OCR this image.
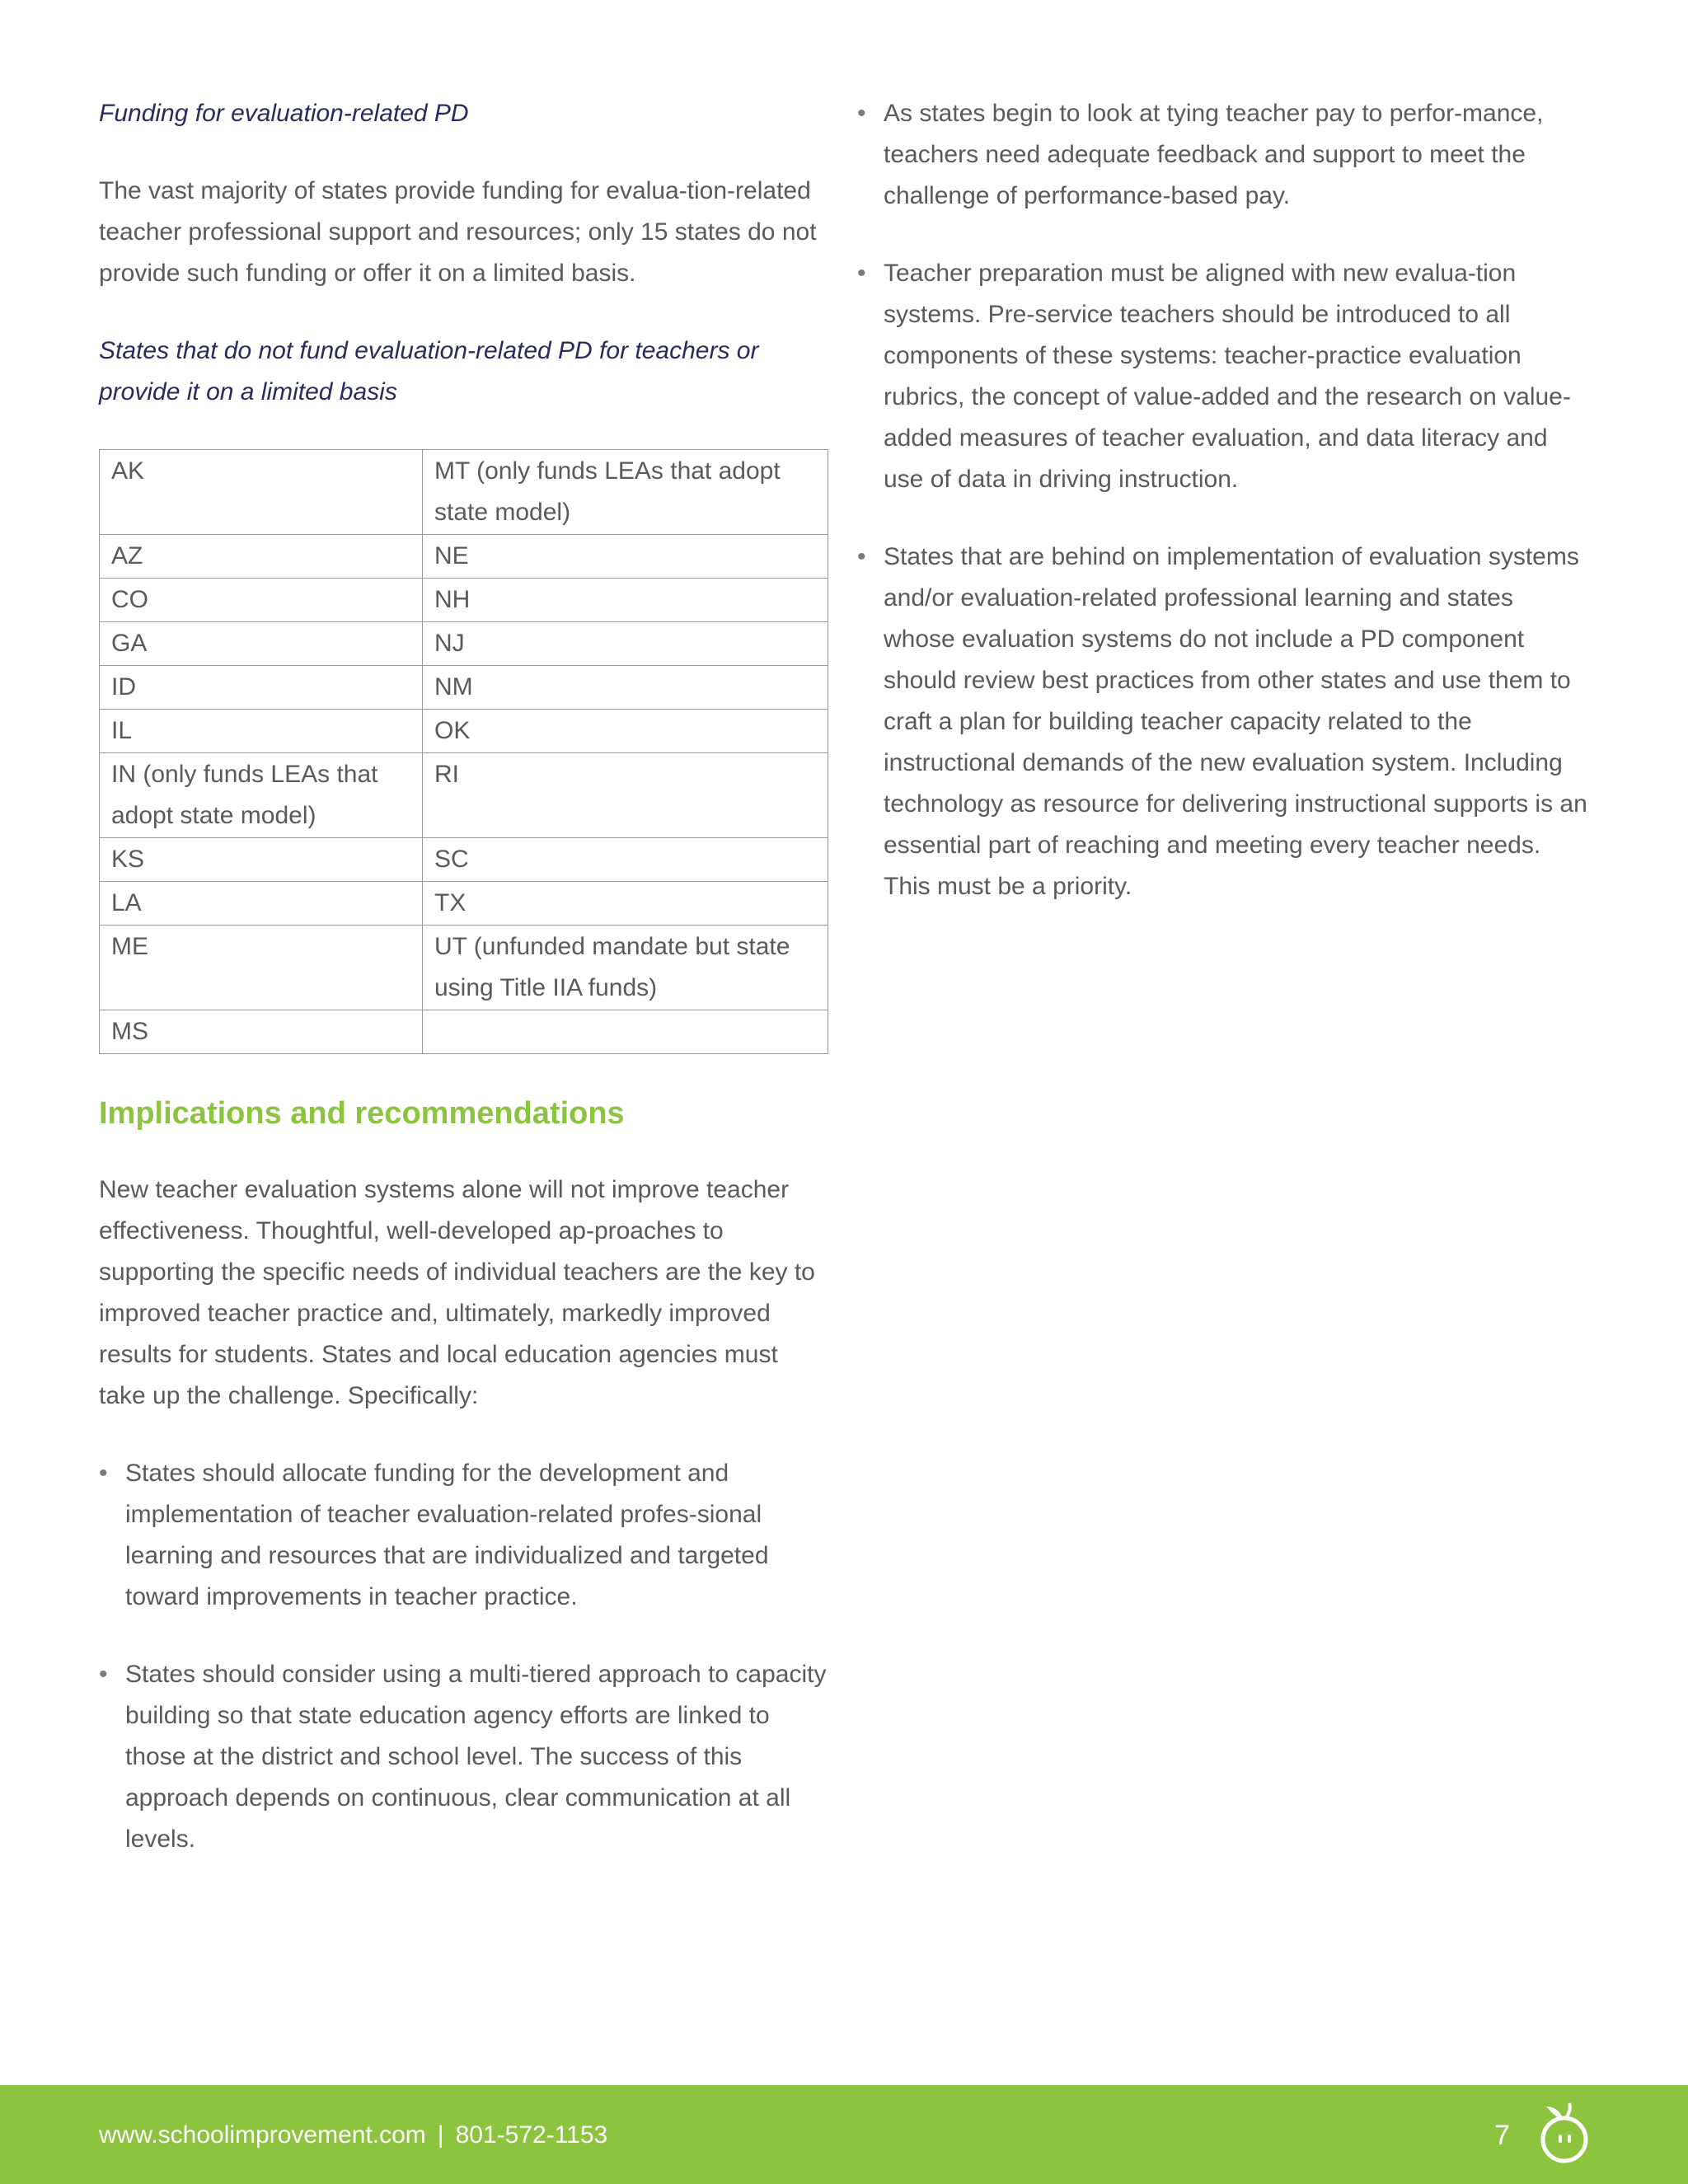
Funding for evaluation-related PD

The vast majority of states provide funding for evalua-tion-related teacher professional support and resources; only 15 states do not provide such funding or offer it on a limited basis.

States that do not fund evaluation-related PD for teachers or provide it on a limited basis
AK	MT (only funds LEAs that adopt state model)
AZ	NE
CO	NH
GA	NJ
ID	NM
IL	OK
IN (only funds LEAs that adopt state model)	RI
KS	SC
LA	TX
ME	UT (unfunded mandate but state using Title IIA funds)
MS	
Implications and recommendations

New teacher evaluation systems alone will not improve teacher effectiveness. Thoughtful, well-developed ap-proaches to supporting the specific needs of individual teachers are the key to improved teacher practice and, ultimately, markedly improved results for students. States and local education agencies must take up the challenge. Specifically:

• States should allocate funding for the development and implementation of teacher evaluation-related profes-sional learning and resources that are individualized and targeted toward improvements in teacher practice.
• States should consider using a multi-tiered approach to capacity building so that state education agency efforts are linked to those at the district and school level. The success of this approach depends on continuous, clear communication at all levels.
• As states begin to look at tying teacher pay to perfor-mance, teachers need adequate feedback and support to meet the challenge of performance-based pay.
• Teacher preparation must be aligned with new evalua-tion systems. Pre-service teachers should be introduced to all components of these systems: teacher-practice evaluation rubrics, the concept of value-added and the research on value-added measures of teacher evaluation, and data literacy and use of data in driving instruction.
• States that are behind on implementation of evaluation systems and/or evaluation-related professional learning and states whose evaluation systems do not include a PD component should review best practices from other states and use them to craft a plan for building teacher capacity related to the instructional demands of the new evaluation system. Including technology as resource for delivering instructional supports is an essential part of reaching and meeting every teacher needs. This must be a priority.
www.schoolimprovement.com | 801-572-1153	7
